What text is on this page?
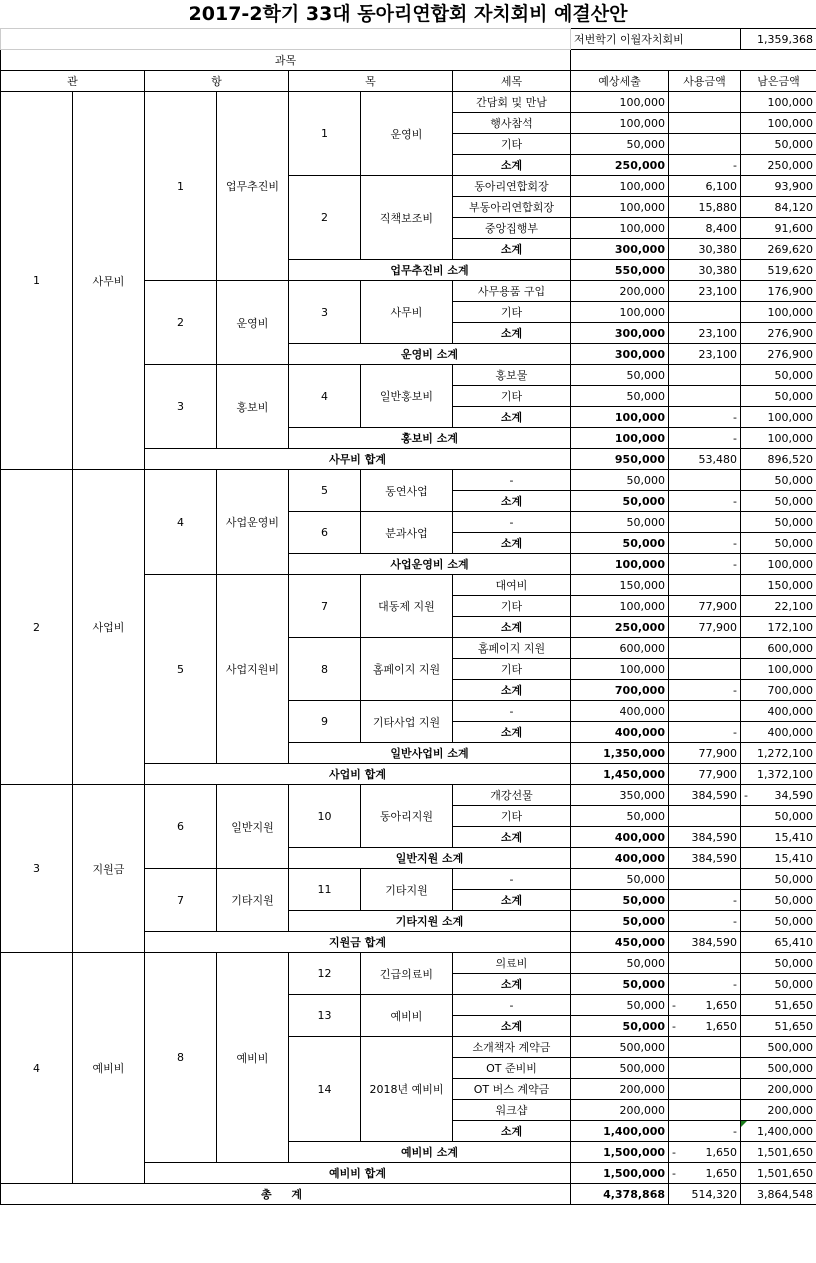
2017-2학기 33대 동아리연합회 자치회비 예결산안
							저번학기 이월자치회비		1,359,368
과목									
관		항		목		세목	예상세출	사용금액	남은금액
1	사무비	1	업무추진비	1	운영비	간담회 및 만남	100,000		100,000
						행사참석	100,000		100,000
						기타	50,000		50,000
						소계	250,000	-	250,000
				2	직책보조비	동아리연합회장	100,000	6,100	93,900
						부동아리연합회장	100,000	15,880	84,120
						중앙집행부	100,000	8,400	91,600
						소계	300,000	30,380	269,620
				업무추진비 소계			550,000	30,380	519,620
		2	운영비	3	사무비	사무용품 구입	200,000	23,100	176,900
						기타	100,000		100,000
						소계	300,000	23,100	276,900
				운영비 소계			300,000	23,100	276,900
		3	홍보비	4	일반홍보비	홍보물	50,000		50,000
						기타	50,000		50,000
						소계	100,000	-	100,000
				홍보비 소계			100,000	-	100,000
		사무비 합계					950,000	53,480	896,520
2	사업비	4	사업운영비	5	동연사업	-	50,000		50,000
						소계	50,000	-	50,000
				6	분과사업	-	50,000		50,000
						소계	50,000	-	50,000
				사업운영비 소계			100,000	-	100,000
		5	사업지원비	7	대동제 지원	대여비	150,000		150,000
						기타	100,000	77,900	22,100
						소계	250,000	77,900	172,100
				8	홈페이지 지원	홈페이지 지원	600,000		600,000
						기타	100,000		100,000
						소계	700,000	-	700,000
				9	기타사업 지원	-	400,000		400,000
						소계	400,000	-	400,000
				일반사업비 소계			1,350,000	77,900	1,272,100
		사업비 합계					1,450,000	77,900	1,372,100
3	지원금	6	일반지원	10	동아리지원	개강선물	350,000	384,590	- 34,590

						기타	50,000		50,000
						소계	400,000	384,590	15,410
				일반지원 소계			400,000	384,590	15,410
		7	기타지원	11	기타지원	-	50,000		50,000
						소계	50,000	-	50,000
				기타지원 소계			50,000	-	50,000
		지원금 합계					450,000	384,590	65,410
4	예비비	8	예비비	12	긴급의료비	의료비	50,000		50,000
						소계	50,000	-	50,000
				13	예비비	-	50,000	- 1,650	51,650
						소계	50,000	- 1,650	51,650
				14	2018년 예비비	소개책자 계약금	500,000		500,000
						OT 준비비	500,000		500,000
						OT 버스 계약금	200,000		200,000
						워크샵	200,000		200,000
						소계	1,400,000	-	1,400,000
				예비비 소계			1,500,000	- 1,650	1,501,650
		예비비 합계					1,500,000	- 1,650	1,501,650
총 계							4,378,868	514,320	3,864,548
